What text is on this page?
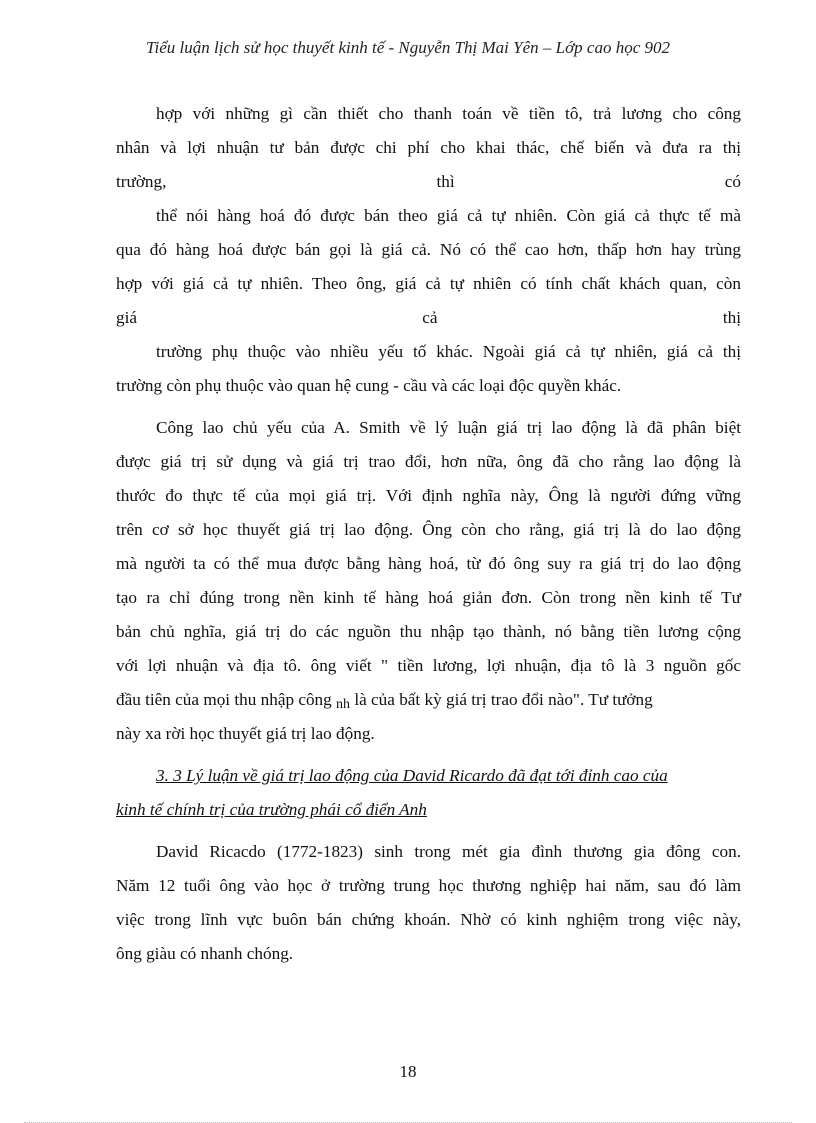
Tiểu luận lịch sử học thuyết kinh tế - Nguyễn Thị Mai Yên – Lớp cao học 902
hợp với những gì cần thiết cho thanh toán về tiền tô, trả lương cho công
nhân và lợi nhuận tư bản được chi phí cho khai thác, chế biến và đưa ra thị
trường,	thì	có
thể nói hàng hoá đó được bán theo giá cả tự nhiên. Còn giá cả thực tế mà
qua đó hàng hoá được bán gọi là giá cả. Nó có thể cao hơn, thấp hơn hay trùng
hợp với giá cả tự nhiên. Theo ông, giá cả tự nhiên có tính chất khách quan, còn
giá	cả	thị
trường phụ thuộc vào nhiều yếu tố khác. Ngoài giá cả tự nhiên, giá cả thị
trường còn phụ thuộc vào quan hệ cung - cầu và các loại độc quyền khác.
Công lao chủ yếu của A. Smith về lý luận giá trị lao động là đã phân biệt
được giá trị sử dụng và giá trị trao đổi, hơn nữa, ông đã cho rằng lao động là
thước đo thực tế của mọi giá trị. Với định nghĩa này, Ông là người đứng vững
trên cơ sở học thuyết giá trị lao động. Ông còn cho rằng, giá trị là do lao động
mà người ta có thể mua được bằng hàng hoá, từ đó ông suy ra giá trị do lao động
tạo ra chỉ đúng trong nền kinh tế hàng hoá giản đơn. Còn trong nền kinh tế Tư
bản chủ nghĩa, giá trị do các nguồn thu nhập tạo thành, nó bằng tiền lương cộng
với lợi nhuận và địa tô. ông viết " tiền lương, lợi nhuận, địa tô là 3 nguồn gốc
đầu tiên của mọi thu nhập công nh là của bất kỳ giá trị trao đổi nào". Tư tưởng
này xa rời học thuyết giá trị lao động.
3. 3 Lý luận về giá trị lao động của David Ricardo đã đạt tới đỉnh cao của
kinh tế chính trị của trường phái cổ điển Anh
David Ricacdo (1772-1823) sinh trong mét gia đình thương gia đông con.
Năm 12 tuổi ông vào học ở trường trung học thương nghiệp hai năm, sau đó làm
việc trong lĩnh vực buôn bán chứng khoán. Nhờ có kinh nghiệm trong việc này,
ông giàu có nhanh chóng.
18
